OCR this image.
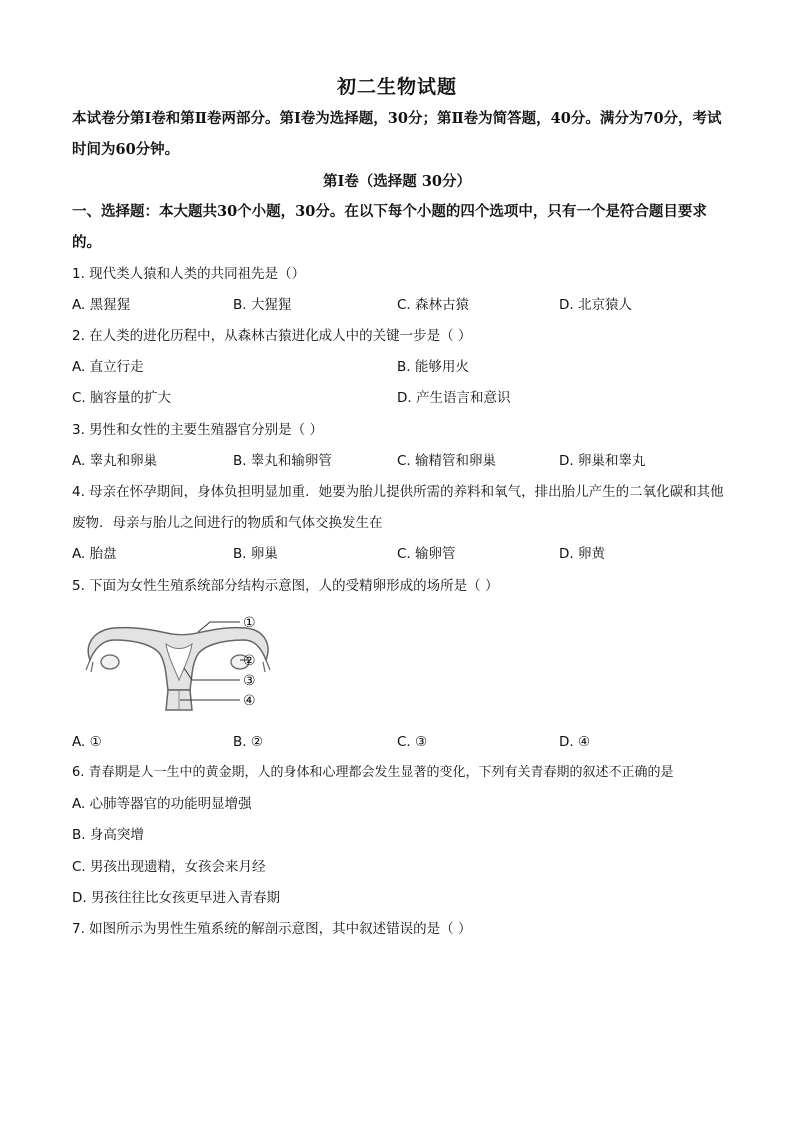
初二生物试题
本试卷分第Ⅰ卷和第Ⅱ卷两部分。第Ⅰ卷为选择题，30分；第Ⅱ卷为简答题，40分。满分为70分，考试时间为60分钟。
第Ⅰ卷（选择题 30分）
一、选择题：本大题共30个小题，30分。在以下每个小题的四个选项中，只有一个是符合题目要求的。
1. 现代类人猿和人类的共同祖先是（）
A. 黑猩猩	B. 大猩猩	C. 森林古猿	D. 北京猿人
2. 在人类的进化历程中，从森林古猿进化成人中的关键一步是（ ）
A. 直立行走	B. 能够用火
C. 脑容量的扩大	D. 产生语言和意识
3. 男性和女性的主要生殖器官分别是（ ）
A. 睾丸和卵巢	B. 睾丸和输卵管	C. 输精管和卵巢	D. 卵巢和睾丸
4. 母亲在怀孕期间，身体负担明显加重．她要为胎儿提供所需的养料和氧气，排出胎儿产生的二氧化碳和其他废物．母亲与胎儿之间进行的物质和气体交换发生在
A. 胎盘	B. 卵巢	C. 输卵管	D. 卵黄
5. 下面为女性生殖系统部分结构示意图，人的受精卵形成的场所是（ ）
①
②
③
④
A. ①	B. ②	C. ③	D. ④
6. 青春期是人一生中的黄金期，人的身体和心理都会发生显著的变化，下列有关青春期的叙述不正确的是
A. 心肺等器官的功能明显增强
B. 身高突增
C. 男孩出现遗精，女孩会来月经
D. 男孩往往比女孩更早进入青春期
7. 如图所示为男性生殖系统的解剖示意图，其中叙述错误的是（ ）
